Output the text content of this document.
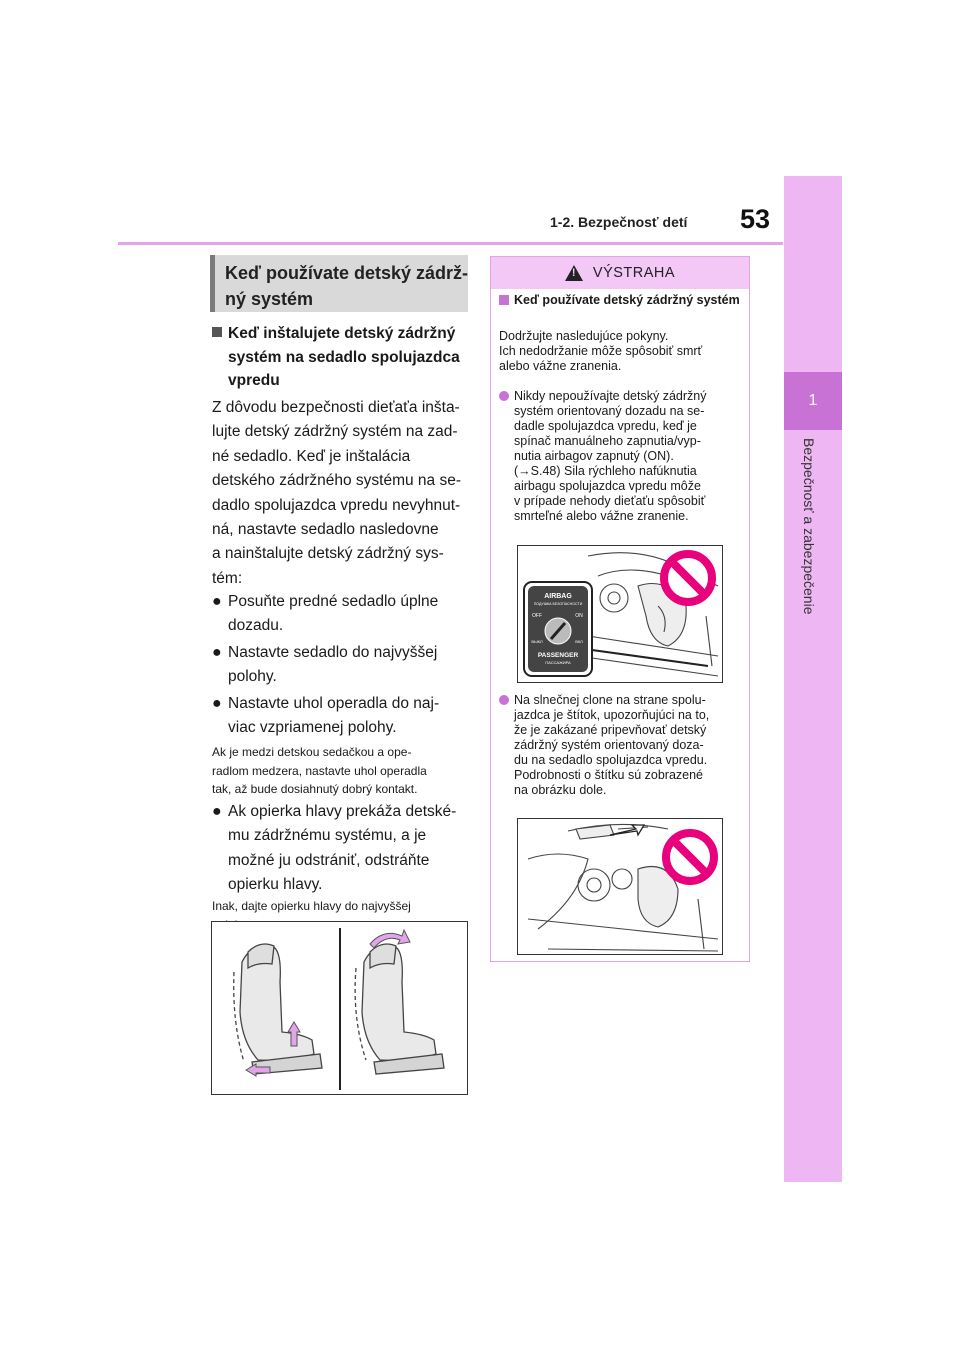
1-2. Bezpečnosť detí 53
1
Bezpečnosť a zabezpečenie
Keď používate detský zádrž-
ný systém
Keď inštalujete detský zádržný systém na sedadlo spolujazdca vpredu
Z dôvodu bezpečnosti dieťaťa inšta-
lujte detský zádržný systém na zad-
né sedadlo. Keď je inštalácia
detského zádržného systému na se-
dadlo spolujazdca vpredu nevyhnut-
ná, nastavte sedadlo nasledovne
a nainštalujte detský zádržný sys-
tém:
● Posuňte predné sedadlo úplne
dozadu.
● Nastavte sedadlo do najvyššej
polohy.
● Nastavte uhol operadla do naj-
viac vzpriamenej polohy.
Ak je medzi detskou sedačkou a ope-
radlom medzera, nastavte uhol operadla
tak, až bude dosiahnutý dobrý kontakt.
● Ak opierka hlavy prekáža detské-
mu zádržnému systému, a je
možné ju odstrániť, odstráňte
opierku hlavy.
Inak, dajte opierku hlavy do najvyššej
!
VÝSTRAHA
Keď používate detský zádržný systém
Dodržujte nasledujúce pokyny.
Ich nedodržanie môže spôsobiť smrť
alebo vážne zranenia.
Nikdy nepoužívajte detský zádržný
systém orientovaný dozadu na se-
dadle spolujazdca vpredu, keď je
spínač manuálneho zapnutia/vyp-
nutia airbagov zapnutý (ON).
(→S.48) Sila rýchleho nafúknutia
airbagu spolujazdca vpredu môže
v prípade nehody dieťaťu spôsobiť
smrteľné alebo vážne zranenie.
Na slnečnej clone na strane spolu-
jazdca je štítok, upozorňujúci na to,
že je zakázané pripevňovať detský
zádržný systém orientovaný doza-
du na sedadlo spolujazdca vpredu.
Podrobnosti o štítku sú zobrazené
na obrázku dole.
AIRBAG
ПОДУШКА БЕЗОПАСНОСТИ
OFF	ON
ВЫКЛ	ВКЛ
PASSENGER
ПАССАЖИРА
